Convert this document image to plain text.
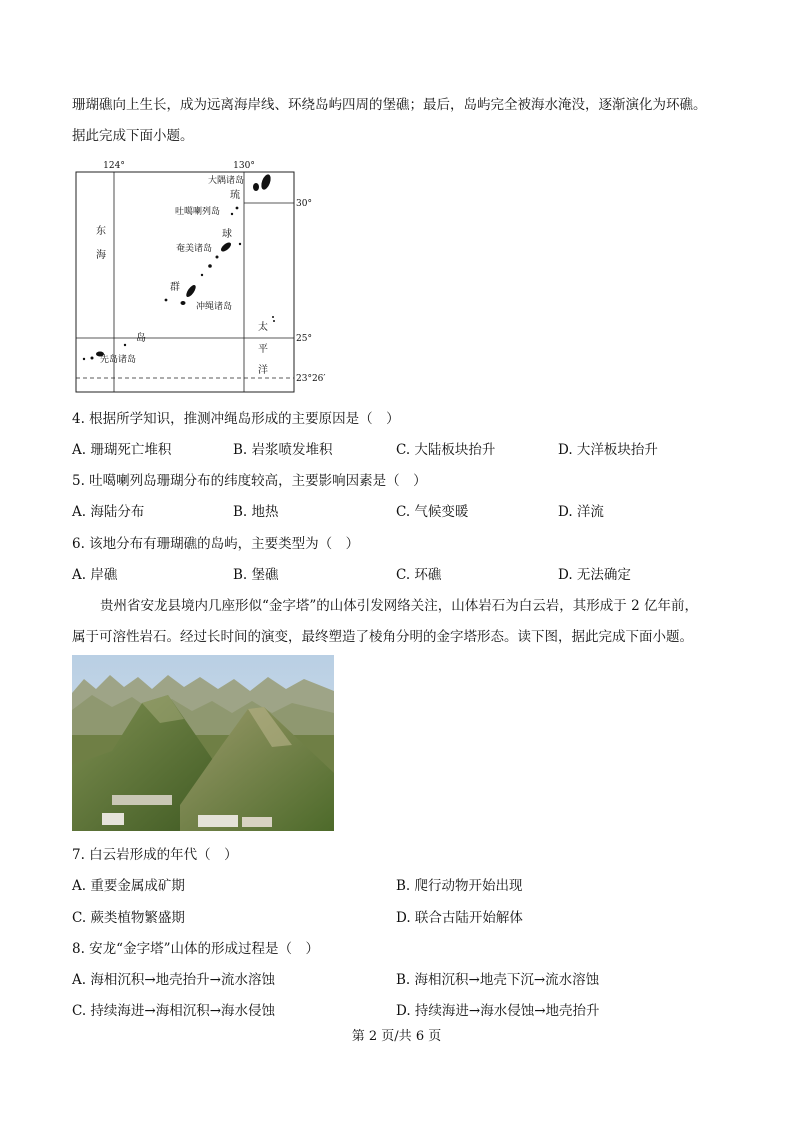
珊瑚礁向上生长，成为远离海岸线、环绕岛屿四周的堡礁；最后，岛屿完全被海水淹没，逐渐演化为环礁。
据此完成下面小题。
124°	130°
30°
25°
23°26′
大隅诸岛
琉
吐噶喇列岛
球
奄美诸岛
东
海
群
冲绳诸岛
太
岛
平
先岛诸岛
洋
4. 根据所学知识，推测冲绳岛形成的主要原因是（　）
A. 珊瑚死亡堆积	B. 岩浆喷发堆积	C. 大陆板块抬升	D. 大洋板块抬升
5. 吐噶喇列岛珊瑚分布的纬度较高，主要影响因素是（　）
A. 海陆分布	B. 地热	C. 气候变暖	D. 洋流
6. 该地分布有珊瑚礁的岛屿，主要类型为（　）
A. 岸礁	B. 堡礁	C. 环礁	D. 无法确定
贵州省安龙县境内几座形似“金字塔”的山体引发网络关注，山体岩石为白云岩，其形成于 2 亿年前，
属于可溶性岩石。经过长时间的演变，最终塑造了棱角分明的金字塔形态。读下图，据此完成下面小题。
7. 白云岩形成的年代（　）
A. 重要金属成矿期	B. 爬行动物开始出现
C. 蕨类植物繁盛期	D. 联合古陆开始解体
8. 安龙“金字塔”山体的形成过程是（　）
A. 海相沉积→地壳抬升→流水溶蚀	B. 海相沉积→地壳下沉→流水溶蚀
C. 持续海进→海相沉积→海水侵蚀	D. 持续海进→海水侵蚀→地壳抬升
第 2 页/共 6 页
